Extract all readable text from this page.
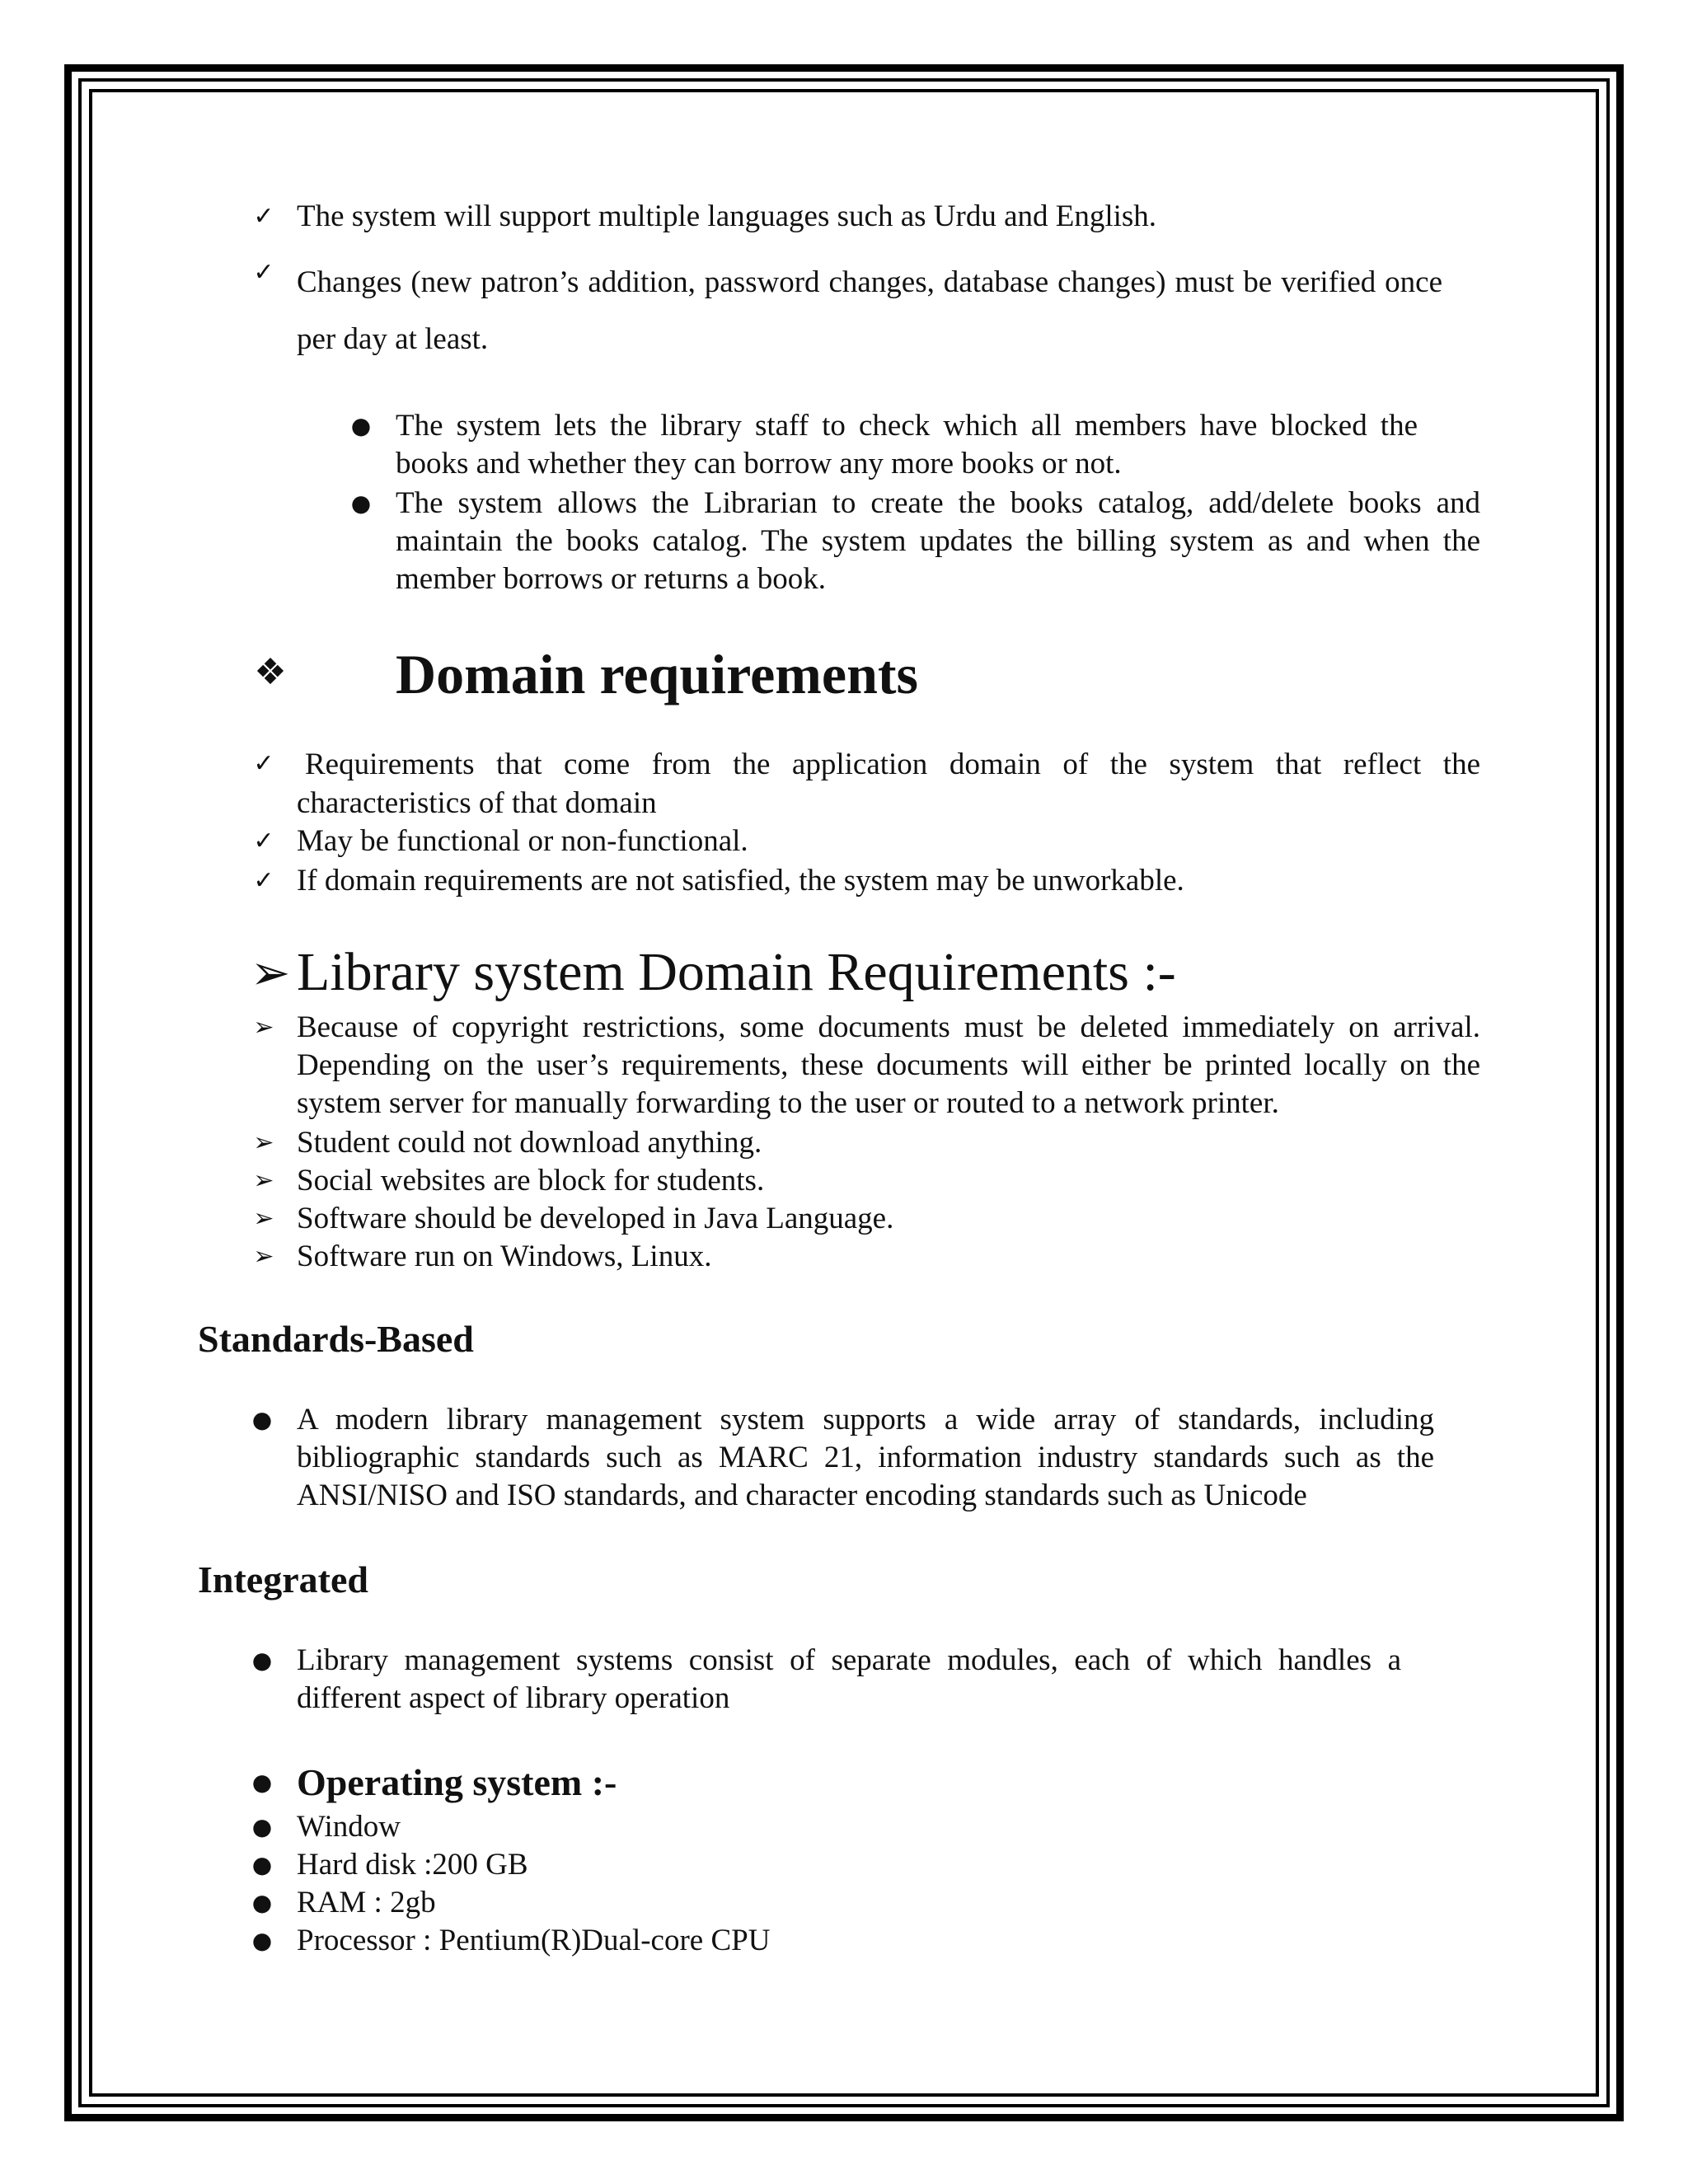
✓ The system will support multiple languages such as Urdu and English.
✓ Changes (new patron’s addition, password changes, database changes) must be verified once per day at least.
● The system lets the library staff to check which all members have blocked the books and whether they can borrow any more books or not.
● The system allows the Librarian to create the books catalog, add/delete books and maintain the books catalog. The system updates the billing system as and when the member borrows or returns a book.
❖ Domain requirements
✓ Requirements that come from the application domain of the system that reflect the characteristics of that domain
✓ May be functional or non-functional.
✓ If domain requirements are not satisfied, the system may be unworkable.
➢ Library system Domain Requirements :-
➢ Because of copyright restrictions, some documents must be deleted immediately on arrival. Depending on the user’s requirements, these documents will either be printed locally on the system server for manually forwarding to the user or routed to a network printer.
➢ Student could not download anything.
➢ Social websites are block for students.
➢ Software should be developed in Java Language.
➢ Software run on Windows, Linux.
Standards-Based
● A modern library management system supports a wide array of standards, including bibliographic standards such as MARC 21, information industry standards such as the ANSI/NISO and ISO standards, and character encoding standards such as Unicode
Integrated
● Library management systems consist of separate modules, each of which handles a different aspect of library operation
● Operating system :-
● Window
● Hard disk :200 GB
● RAM : 2gb
● Processor : Pentium(R)Dual-core CPU
